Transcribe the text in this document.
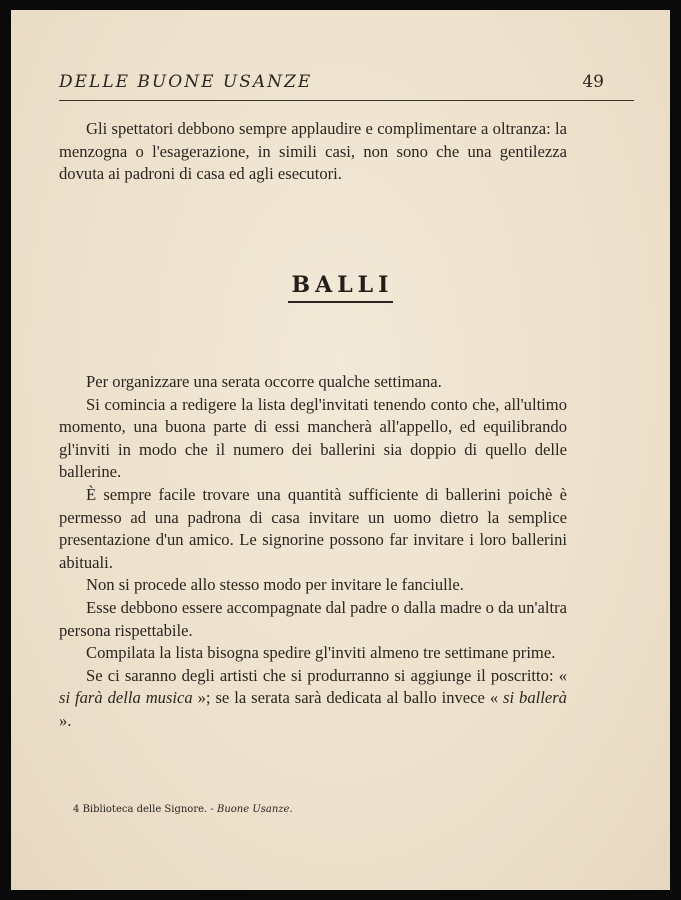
DELLE BUONE USANZE	49

Gli spettatori debbono sempre applaudire e complimentare a oltranza: la menzogna o l'esagerazione, in simili casi, non sono che una gentilezza dovuta ai padroni di casa ed agli esecutori.

BALLI

Per organizzare una serata occorre qualche settimana.

Si comincia a redigere la lista degl'invitati tenendo conto che, all'ultimo momento, una buona parte di essi mancherà all'appello, ed equilibrando gl'inviti in modo che il numero dei ballerini sia doppio di quello delle ballerine.

È sempre facile trovare una quantità sufficiente di ballerini poichè è permesso ad una padrona di casa invitare un uomo dietro la semplice presentazione d'un amico. Le signorine possono far invitare i loro ballerini abituali.

Non si procede allo stesso modo per invitare le fanciulle.

Esse debbono essere accompagnate dal padre o dalla madre o da un'altra persona rispettabile.

Compilata la lista bisogna spedire gl'inviti almeno tre settimane prime.

Se ci saranno degli artisti che si produrranno si aggiunge il poscritto: « si farà della musica »; se la serata sarà dedicata al ballo invece « si ballerà ».

4 Biblioteca delle Signore. - Buone Usanze.
